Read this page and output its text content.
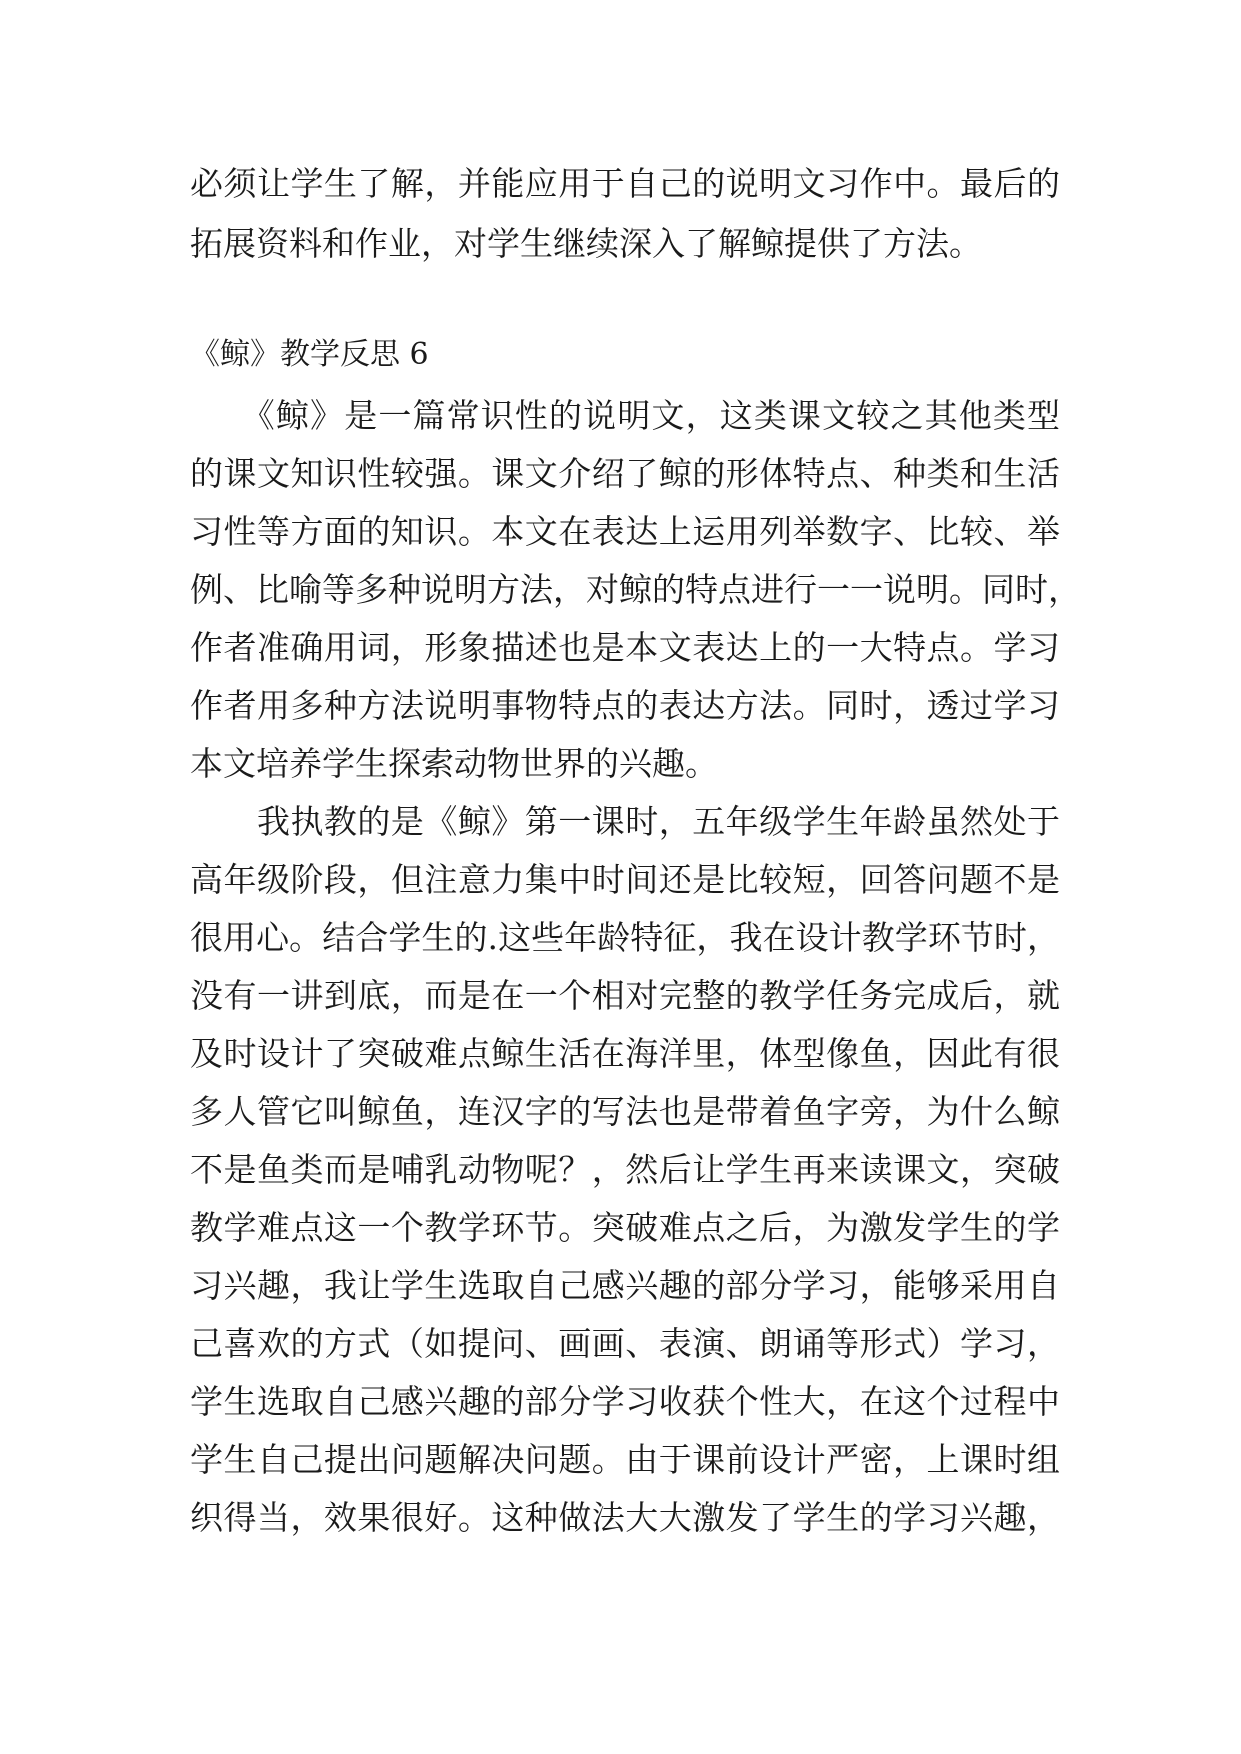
必须让学生了解，并能应用于自己的说明文习作中。最后的
拓展资料和作业，对学生继续深入了解鲸提供了方法。
《鲸》教学反思 6
　　《鲸》是一篇常识性的说明文，这类课文较之其他类型
的课文知识性较强。课文介绍了鲸的形体特点、种类和生活
习性等方面的知识。本文在表达上运用列举数字、比较、举
例、比喻等多种说明方法，对鲸的特点进行一一说明。同时，
作者准确用词，形象描述也是本文表达上的一大特点。学习
作者用多种方法说明事物特点的表达方法。同时，透过学习
本文培养学生探索动物世界的兴趣。
　　我执教的是《鲸》第一课时，五年级学生年龄虽然处于
高年级阶段，但注意力集中时间还是比较短，回答问题不是
很用心。结合学生的.这些年龄特征，我在设计教学环节时，
没有一讲到底，而是在一个相对完整的教学任务完成后，就
及时设计了突破难点鲸生活在海洋里，体型像鱼，因此有很
多人管它叫鲸鱼，连汉字的写法也是带着鱼字旁，为什么鲸
不是鱼类而是哺乳动物呢？，然后让学生再来读课文，突破
教学难点这一个教学环节。突破难点之后，为激发学生的学
习兴趣，我让学生选取自己感兴趣的部分学习，能够采用自
己喜欢的方式（如提问、画画、表演、朗诵等形式）学习，
学生选取自己感兴趣的部分学习收获个性大，在这个过程中
学生自己提出问题解决问题。由于课前设计严密，上课时组
织得当，效果很好。这种做法大大激发了学生的学习兴趣，
